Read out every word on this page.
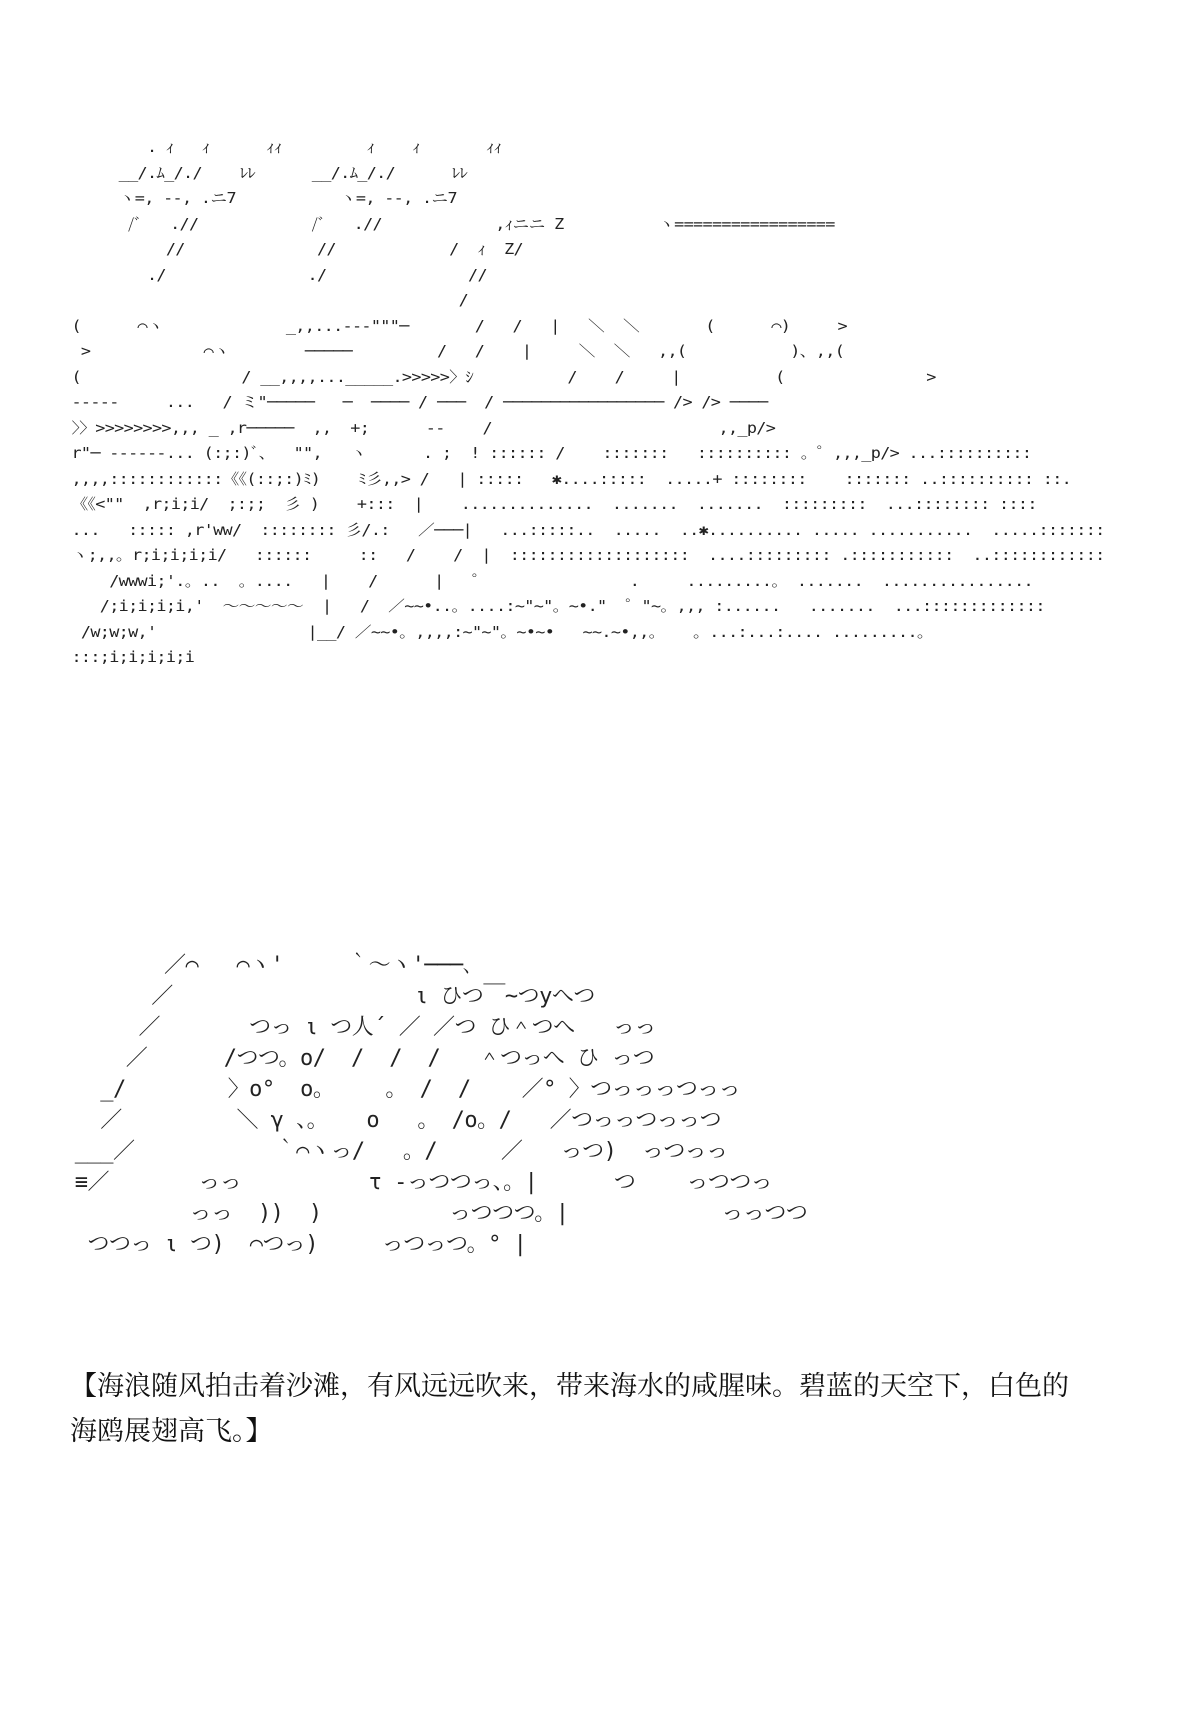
. ｨ   ｨ      ｨｨ         ｨ    ｨ       ｨｨ
__/.ﾑ_/./    ﾚﾚ      __/.ﾑ_/./      ﾚﾚ
ヽ=, --, .ニ7           ヽ=, --, .ニ7
/ﾞ   .//            /ﾞ   .//            ,ｨニニ Z          ヽ=================
//              //            /  ｨ  Z/
./               ./               //
/
(      ⌒ヽ             _,,...---"""─       /   /   |   ＼  ＼       (      ⌒)     >
>            ⌒ヽ        ─────         /   /    |     ＼  ＼   ,,(           )、,,(
(                 / __,,,,..._____.>>>>>〉ｼ          /    /     |          (               >
-----     ...   / ミ"─────   ─  ──── / ───  / ───────────────── /> /> ────
〉〉>>>>>>>>,,, _ ,r─────  ,,  +;      --    /                        ,,_p/>
r"─ ------... (:;:)ﾞ、  "",   ヽ      . ;  ! :::::: /    :::::::   :::::::::: 。゜,,,_p/> ...::::::::::
,,,,::::::::::::《《(::;:)ﾐ)    ﾐ彡,,> /   | :::::   ✱....:::::  .....+ ::::::::    ::::::: ..:::::::::: ::.
《《<""  ,r;i;i/  ;:;;  彡 )    +:::  |    ..............  .......  .......  :::::::::  ...:::::::: ::::
...   ::::: ,r'ww/  :::::::: 彡/.:   ／───|   ...:::::..  .....  ..✱.......... ..... ...........  .....:::::::
ヽ;,,。r;i;i;i;i/   ::::::     ::   /    /  |  :::::::::::::::::::  ....::::::::: .:::::::::::  ..::::::::::::
/wwwi;'.。..  。....   |    /      |   ゜               .     .........。 .......  ................
/;i;i;i;i,'  ～～～～～  |   /  ／~~•..。....:~"~"。~•."  ゜"~。,,, :......   .......  ...:::::::::::::
/w;w;w,'                |__/ ／~~•。,,,,:~"~"。~•~•   ~~.~•,,。   。...:...:.... .........。
:::;i;i;i;i;i
／⌒   ⌒ヽ'     ｀～ヽ'───､
／                   ι ひつ￣~つyへつ
／       つっ ι つ人´ ／ ／つ ひ＾つへ   っっ
／      /つつ。o/  /  /  /   ＾つっへ ひ っつ
_/        〉o°  o。    。 /  /    ／° 〉つっっっつっっ
／         ＼ γ 、。   o   。 /o。/   ／つっっつっっつ
___／           ｀⌒ヽっ/   。/     ／   っつ)  っつっっ
≡／       っっ          τ -っつつっ、。|      つ    っつつっ
っっ  ))  )          っつつつ。|            っっつつ
つつっ ι つ)  ⌒つっ)     っつっつ。° |

【海浪随风拍击着沙滩，有风远远吹来，带来海水的咸腥味。碧蓝的天空下，白色的海鸥展翅高飞。】
